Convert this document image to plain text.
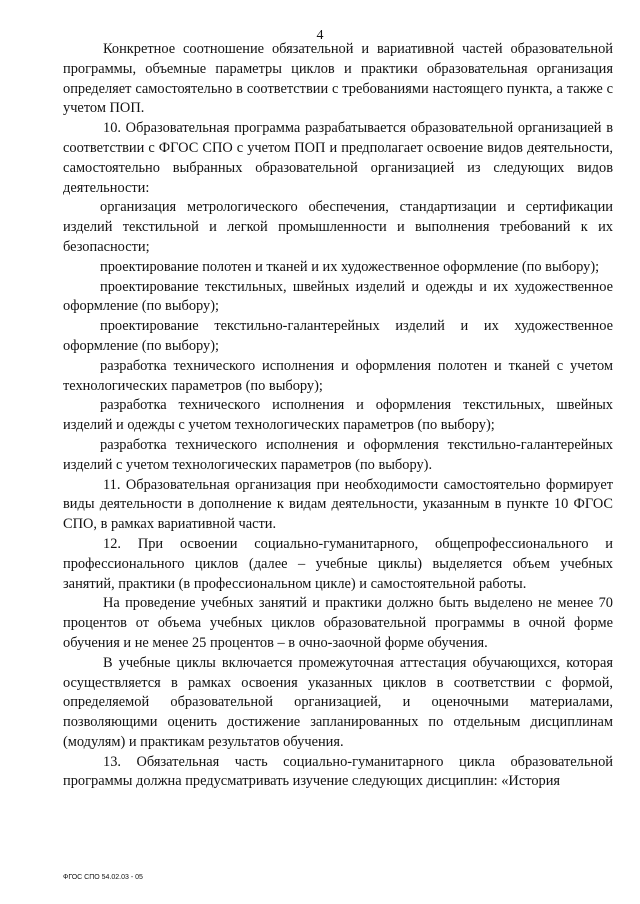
4

Конкретное соотношение обязательной и вариативной частей образовательной программы, объемные параметры циклов и практики образовательная организация определяет самостоятельно в соответствии с требованиями настоящего пункта, а также с учетом ПОП.

10. Образовательная программа разрабатывается образовательной организацией в соответствии с ФГОС СПО с учетом ПОП и предполагает освоение видов деятельности, самостоятельно выбранных образовательной организацией из следующих видов деятельности:

организация метрологического обеспечения, стандартизации и сертификации изделий текстильной и легкой промышленности и выполнения требований к их безопасности;

проектирование полотен и тканей и их художественное оформление (по выбору);

проектирование текстильных, швейных изделий и одежды и их художественное оформление (по выбору);

проектирование текстильно-галантерейных изделий и их художественное оформление (по выбору);

разработка технического исполнения и оформления полотен и тканей с учетом технологических параметров (по выбору);

разработка технического исполнения и оформления текстильных, швейных изделий и одежды с учетом технологических параметров (по выбору);

разработка технического исполнения и оформления текстильно-галантерейных изделий с учетом технологических параметров (по выбору).

11. Образовательная организация при необходимости самостоятельно формирует виды деятельности в дополнение к видам деятельности, указанным в пункте 10 ФГОС СПО, в рамках вариативной части.

12. При освоении социально-гуманитарного, общепрофессионального и профессионального циклов (далее – учебные циклы) выделяется объем учебных занятий, практики (в профессиональном цикле) и самостоятельной работы.

На проведение учебных занятий и практики должно быть выделено не менее 70 процентов от объема учебных циклов образовательной программы в очной форме обучения и не менее 25 процентов – в очно-заочной форме обучения.

В учебные циклы включается промежуточная аттестация обучающихся, которая осуществляется в рамках освоения указанных циклов в соответствии с формой, определяемой образовательной организацией, и оценочными материалами, позволяющими оценить достижение запланированных по отдельным дисциплинам (модулям) и практикам результатов обучения.

13. Обязательная часть социально-гуманитарного цикла образовательной программы должна предусматривать изучение следующих дисциплин: «История

ФГОС СПО 54.02.03 - 05
